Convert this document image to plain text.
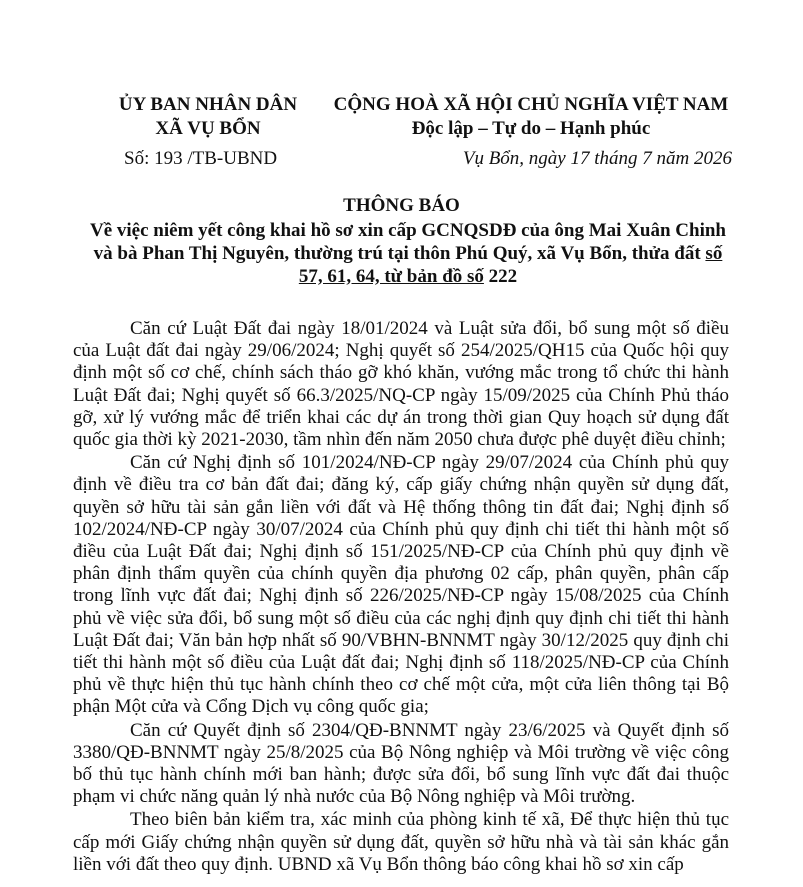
ỦY BAN NHÂN DÂN
XÃ VỤ BỔN
CỘNG HOÀ XÃ HỘI CHỦ NGHĨA VIỆT NAM
Độc lập – Tự do – Hạnh phúc
Số: 193 /TB-UBND	Vụ Bổn, ngày 17 tháng 7 năm 2026
THÔNG BÁO
Về việc niêm yết công khai hồ sơ xin cấp GCNQSDĐ của ông Mai Xuân Chinh và bà Phan Thị Nguyên, thường trú tại thôn Phú Quý, xã Vụ Bổn, thửa đất số 57, 61, 64, từ bản đồ số 222

Căn cứ Luật Đất đai ngày 18/01/2024 và Luật sửa đổi, bổ sung một số điều của Luật đất đai ngày 29/06/2024; Nghị quyết số 254/2025/QH15 của Quốc hội quy định một số cơ chế, chính sách tháo gỡ khó khăn, vướng mắc trong tổ chức thi hành Luật Đất đai; Nghị quyết số 66.3/2025/NQ-CP ngày 15/09/2025 của Chính Phủ tháo gỡ, xử lý vướng mắc để triển khai các dự án trong thời gian Quy hoạch sử dụng đất quốc gia thời kỳ 2021-2030, tầm nhìn đến năm 2050 chưa được phê duyệt điều chỉnh;

Căn cứ Nghị định số 101/2024/NĐ-CP ngày 29/07/2024 của Chính phủ quy định về điều tra cơ bản đất đai; đăng ký, cấp giấy chứng nhận quyền sử dụng đất, quyền sở hữu tài sản gắn liền với đất và Hệ thống thông tin đất đai; Nghị định số 102/2024/NĐ-CP ngày 30/07/2024 của Chính phủ quy định chi tiết thi hành một số điều của Luật Đất đai; Nghị định số 151/2025/NĐ-CP của Chính phủ quy định về phân định thẩm quyền của chính quyền địa phương 02 cấp, phân quyền, phân cấp trong lĩnh vực đất đai; Nghị định số 226/2025/NĐ-CP ngày 15/08/2025 của Chính phủ về việc sửa đổi, bổ sung một số điều của các nghị định quy định chi tiết thi hành Luật Đất đai; Văn bản hợp nhất số 90/VBHN-BNNMT ngày 30/12/2025 quy định chi tiết thi hành một số điều của Luật đất đai; Nghị định số 118/2025/NĐ-CP của Chính phủ về thực hiện thủ tục hành chính theo cơ chế một cửa, một cửa liên thông tại Bộ phận Một cửa và Cổng Dịch vụ công quốc gia;

Căn cứ Quyết định số 2304/QĐ-BNNMT ngày 23/6/2025 và Quyết định số 3380/QĐ-BNNMT ngày 25/8/2025 của Bộ Nông nghiệp và Môi trường về việc công bố thủ tục hành chính mới ban hành; được sửa đổi, bổ sung lĩnh vực đất đai thuộc phạm vi chức năng quản lý nhà nước của Bộ Nông nghiệp và Môi trường.

Theo biên bản kiểm tra, xác minh của phòng kinh tế xã, Để thực hiện thủ tục cấp mới Giấy chứng nhận quyền sử dụng đất, quyền sở hữu nhà và tài sản khác gắn liền với đất theo quy định. UBND xã Vụ Bổn thông báo công khai hồ sơ xin cấp
